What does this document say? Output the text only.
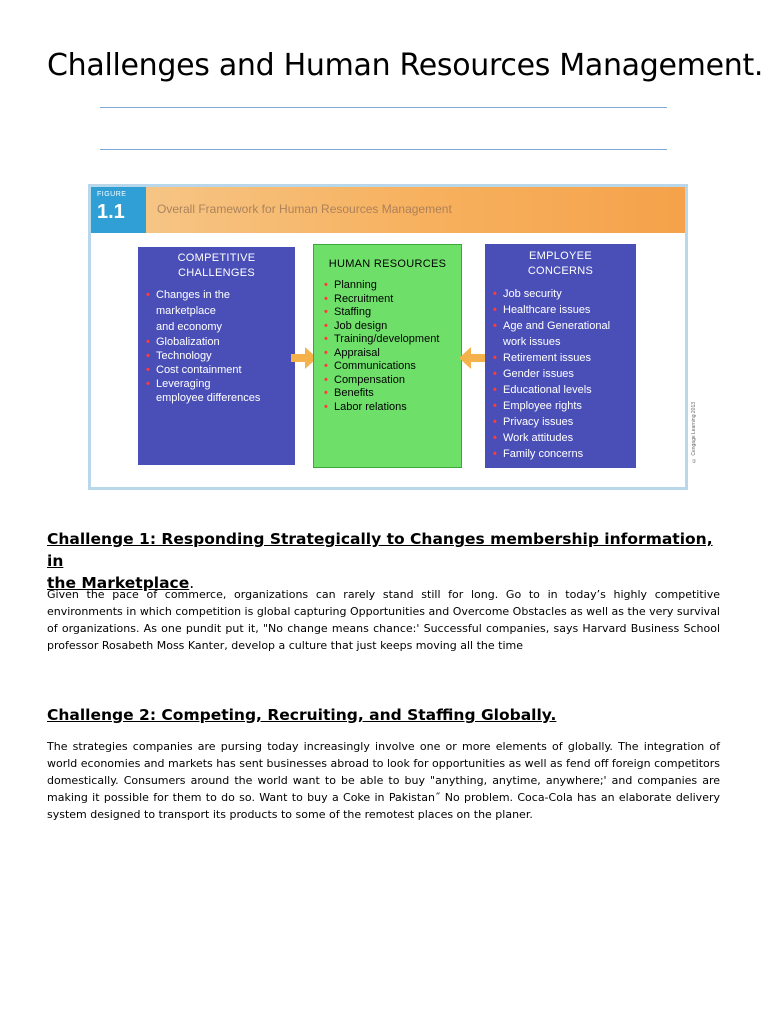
Challenges and Human Resources Management.
FIGURE
1.1	Overall Framework for Human Resources Management
COMPETITIVE
CHALLENGES
• Changes in the
marketplace
and economy
• Globalization
• Technology
• Cost containment
• Leveraging
employee differences
HUMAN RESOURCES
• Planning
• Recruitment
• Staffing
• Job design
• Training/development
• Appraisal
• Communications
• Compensation
• Benefits
• Labor relations
EMPLOYEE
CONCERNS
• Job security
• Healthcare issues
• Age and Generational
work issues
• Retirement issues
• Gender issues
• Educational levels
• Employee rights
• Privacy issues
• Work attitudes
• Family concerns	© Cengage Learning 2013
Challenge 1: Responding Strategically to Changes membership information, in
the Marketplace.

Given the pace of commerce, organizations can rarely stand still for long. Go to in today’s highly competitive environments in which competition is global capturing Opportunities and Overcome Obstacles as well as the very survival of organizations. As one pundit put it, "No change means chance:' Successful companies, says Harvard Business School professor Rosabeth Moss Kanter, develop a culture that just keeps moving all the time

Challenge 2: Competing, Recruiting, and Staffing Globally.

The strategies companies are pursing today increasingly involve one or more elements of globally. The integration of world economies and markets has sent businesses abroad to look for opportunities as well as fend off foreign competitors domestically. Consumers around the world want to be able to buy "anything, anytime, anywhere;' and companies are making it possible for them to do so. Want to buy a Coke in Pakistan˝ No problem. Coca-Cola has an elaborate delivery system designed to transport its products to some of the remotest places on the planer.
